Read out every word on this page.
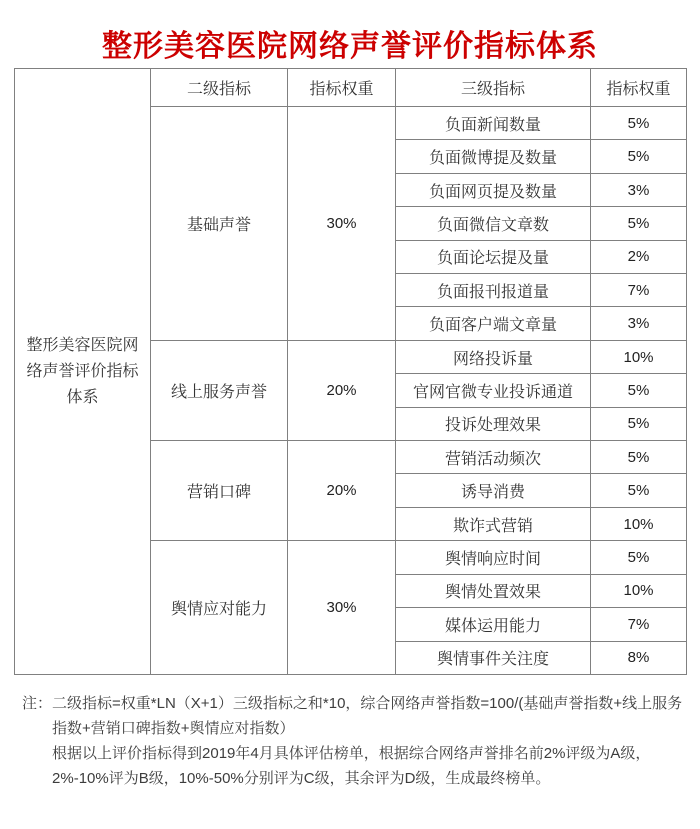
整形美容医院网络声誉评价指标体系
整形美容医院网络声誉评价指标体系	二级指标	指标权重	三级指标	指标权重
	基础声誉	30%	负面新闻数量	5%
			负面微博提及数量	5%
			负面网页提及数量	3%
			负面微信文章数	5%
			负面论坛提及量	2%
			负面报刊报道量	7%
			负面客户端文章量	3%
	线上服务声誉	20%	网络投诉量	10%
			官网官微专业投诉通道	5%
			投诉处理效果	5%
	营销口碑	20%	营销活动频次	5%
			诱导消费	5%
			欺诈式营销	10%
	舆情应对能力	30%	舆情响应时间	5%
			舆情处置效果	10%
			媒体运用能力	7%
			舆情事件关注度	8%
注： 二级指标=权重*LN（X+1）三级指标之和*10，综合网络声誉指数=100/(基础声誉指数+线上服务指数+营销口碑指数+舆情应对指数）

根据以上评价指标得到2019年4月具体评估榜单，根据综合网络声誉排名前2%评级为A级，2%-10%评为B级，10%-50%分别评为C级，其余评为D级，生成最终榜单。
